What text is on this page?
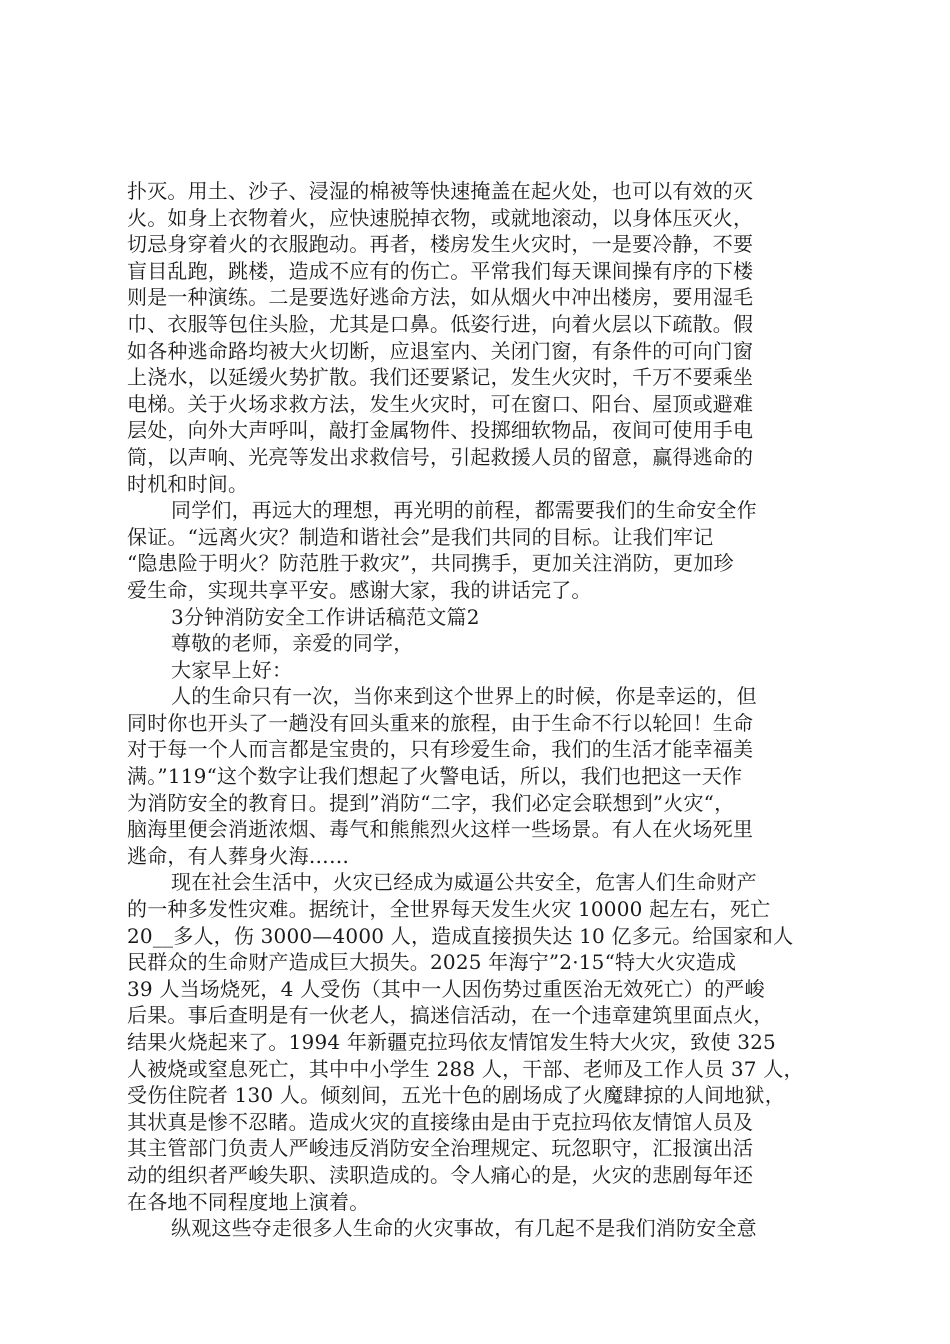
扑灭。用土、沙子、浸湿的棉被等快速掩盖在起火处，也可以有效的灭
火。如身上衣物着火，应快速脱掉衣物，或就地滚动，以身体压灭火，
切忌身穿着火的衣服跑动。再者，楼房发生火灾时，一是要冷静，不要
盲目乱跑，跳楼，造成不应有的伤亡。平常我们每天课间操有序的下楼
则是一种演练。二是要选好逃命方法，如从烟火中冲出楼房，要用湿毛
巾、衣服等包住头脸，尤其是口鼻。低姿行进，向着火层以下疏散。假
如各种逃命路均被大火切断，应退室内、关闭门窗，有条件的可向门窗
上浇水，以延缓火势扩散。我们还要紧记，发生火灾时，千万不要乘坐
电梯。关于火场求救方法，发生火灾时，可在窗口、阳台、屋顶或避难
层处，向外大声呼叫，敲打金属物件、投掷细软物品，夜间可使用手电
筒，以声响、光亮等发出求救信号，引起救援人员的留意，赢得逃命的
时机和时间。
同学们，再远大的理想，再光明的前程，都需要我们的生命安全作
保证。“远离火灾？制造和谐社会”是我们共同的目标。让我们牢记
“隐患险于明火？防范胜于救灾”，共同携手，更加关注消防，更加珍
爱生命，实现共享平安。感谢大家，我的讲话完了。
3分钟消防安全工作讲话稿范文篇2
尊敬的老师，亲爱的同学，
大家早上好：
人的生命只有一次，当你来到这个世界上的时候，你是幸运的，但
同时你也开头了一趟没有回头重来的旅程，由于生命不行以轮回！生命
对于每一个人而言都是宝贵的，只有珍爱生命，我们的生活才能幸福美
满。”119“这个数字让我们想起了火警电话，所以，我们也把这一天作
为消防安全的教育日。提到”消防“二字，我们必定会联想到”火灾“，
脑海里便会消逝浓烟、毒气和熊熊烈火这样一些场景。有人在火场死里
逃命，有人葬身火海……
现在社会生活中，火灾已经成为威逼公共安全，危害人们生命财产
的一种多发性灾难。据统计，全世界每天发生火灾 10000 起左右，死亡
20__多人，伤 3000—4000 人，造成直接损失达 10 亿多元。给国家和人
民群众的生命财产造成巨大损失。2025 年海宁”2·15“特大火灾造成
39 人当场烧死，4 人受伤（其中一人因伤势过重医治无效死亡）的严峻
后果。事后查明是有一伙老人，搞迷信活动，在一个违章建筑里面点火，
结果火烧起来了。1994 年新疆克拉玛依友情馆发生特大火灾，致使 325
人被烧或窒息死亡，其中中小学生 288 人，干部、老师及工作人员 37 人，
受伤住院者 130 人。倾刻间，五光十色的剧场成了火魔肆掠的人间地狱，
其状真是惨不忍睹。造成火灾的直接缘由是由于克拉玛依友情馆人员及
其主管部门负责人严峻违反消防安全治理规定、玩忽职守，汇报演出活
动的组织者严峻失职、渎职造成的。令人痛心的是，火灾的悲剧每年还
在各地不同程度地上演着。
纵观这些夺走很多人生命的火灾事故，有几起不是我们消防安全意
